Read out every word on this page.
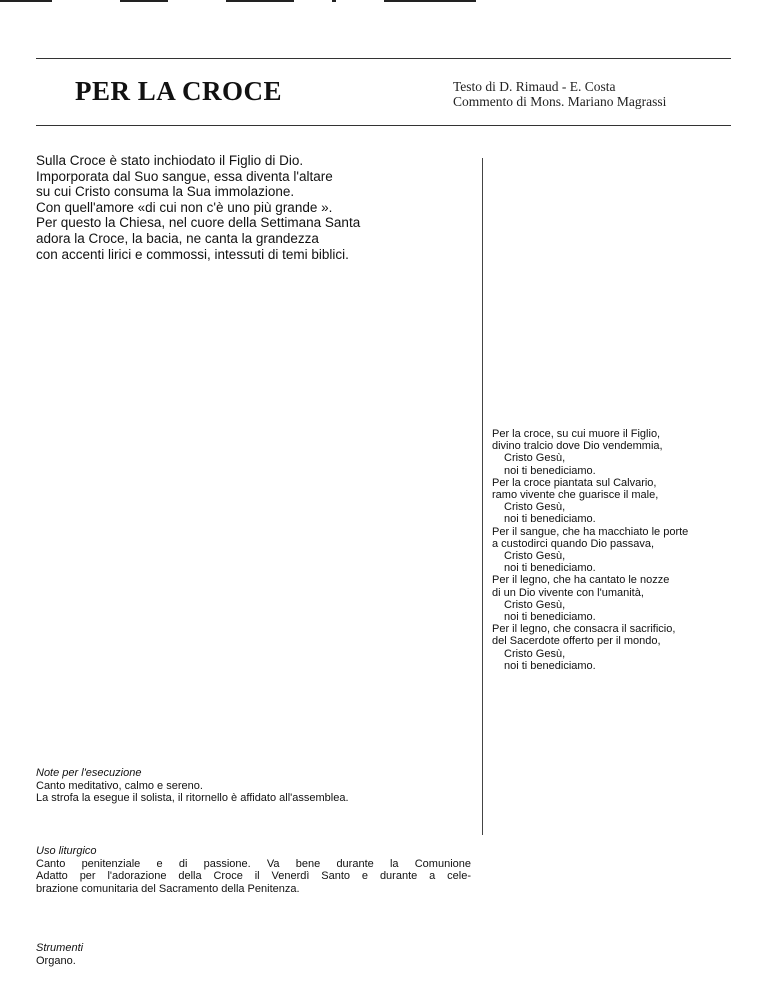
PER LA CROCE	Testo di D. Rimaud - E. Costa
Commento di Mons. Mariano Magrassi
Sulla Croce è stato inchiodato il Figlio di Dio.
Imporporata dal Suo sangue, essa diventa l'altare
su cui Cristo consuma la Sua immolazione.
Con quell'amore «di cui non c'è uno più grande ».
Per questo la Chiesa, nel cuore della Settimana Santa
adora la Croce, la bacia, ne canta la grandezza
con accenti lirici e commossi, intessuti di temi biblici.
Per la croce, su cui muore il Figlio,
divino tralcio dove Dio vendemmia,
Cristo Gesù,
noi ti benediciamo.
Per la croce piantata sul Calvario,
ramo vivente che guarisce il male,
Cristo Gesù,
noi ti benediciamo.
Per il sangue, che ha macchiato le porte
a custodirci quando Dio passava,
Cristo Gesù,
noi ti benediciamo.
Per il legno, che ha cantato le nozze
di un Dio vivente con l'umanità,
Cristo Gesù,
noi ti benediciamo.
Per il legno, che consacra il sacrificio,
del Sacerdote offerto per il mondo,
Cristo Gesù,
noi ti benediciamo.
Note per l'esecuzione
Canto meditativo, calmo e sereno.
La strofa la esegue il solista, il ritornello è affidato all'assemblea.
Uso liturgico
Canto penitenziale e di passione. Va bene durante la Comunione
Adatto per l'adorazione della Croce il Venerdì Santo e durante a cele-
brazione comunitaria del Sacramento della Penitenza.
Strumenti
Organo.
